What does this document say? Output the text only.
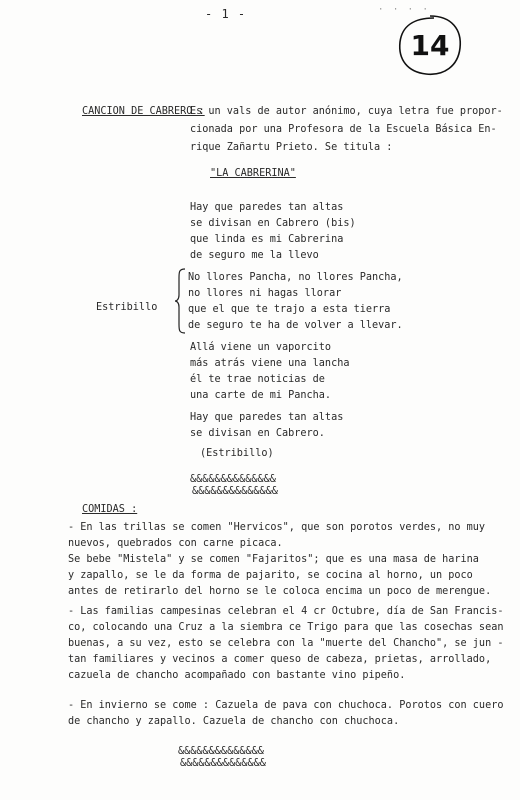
- 1 -	· · · ·
14
CANCION DE CABRERO :
Es un vals de autor anónimo, cuya letra fue propor-
cionada por una Profesora de la Escuela Básica En-
rique Zañartu Prieto. Se titula :
"LA CABRERINA"
Hay que paredes tan altas
se divisan en Cabrero (bis)
que linda es mi Cabrerina
de seguro me la llevo
Estribillo
No llores Pancha, no llores Pancha,
no llores ni hagas llorar
que el que te trajo a esta tierra
de seguro te ha de volver a llevar.
Allá viene un vaporcito
más atrás viene una lancha
él te trae noticias de
una carte de mi Pancha.
Hay que paredes tan altas
se divisan en Cabrero.
(Estribillo)
&&&&&&&&&&&&&&
&&&&&&&&&&&&&&
COMIDAS :
- En las trillas se comen "Hervicos", que son porotos verdes, no muy
nuevos, quebrados con carne picaca.
Se bebe "Mistela" y se comen "Fajaritos"; que es una masa de harina
y zapallo, se le da forma de pajarito, se cocina al horno, un poco
antes de retirarlo del horno se le coloca encima un poco de merengue.
- Las familias campesinas celebran el 4 cr Octubre, día de San Francis-
co, colocando una Cruz a la siembra ce Trigo para que las cosechas sean
buenas, a su vez, esto se celebra con la "muerte del Chancho", se jun -
tan familiares y vecinos a comer queso de cabeza, prietas, arrollado,
cazuela de chancho acompañado con bastante vino pipeño.
- En invierno se come : Cazuela de pava con chuchoca. Porotos con cuero
de chancho y zapallo. Cazuela de chancho con chuchoca.
&&&&&&&&&&&&&&
&&&&&&&&&&&&&&
